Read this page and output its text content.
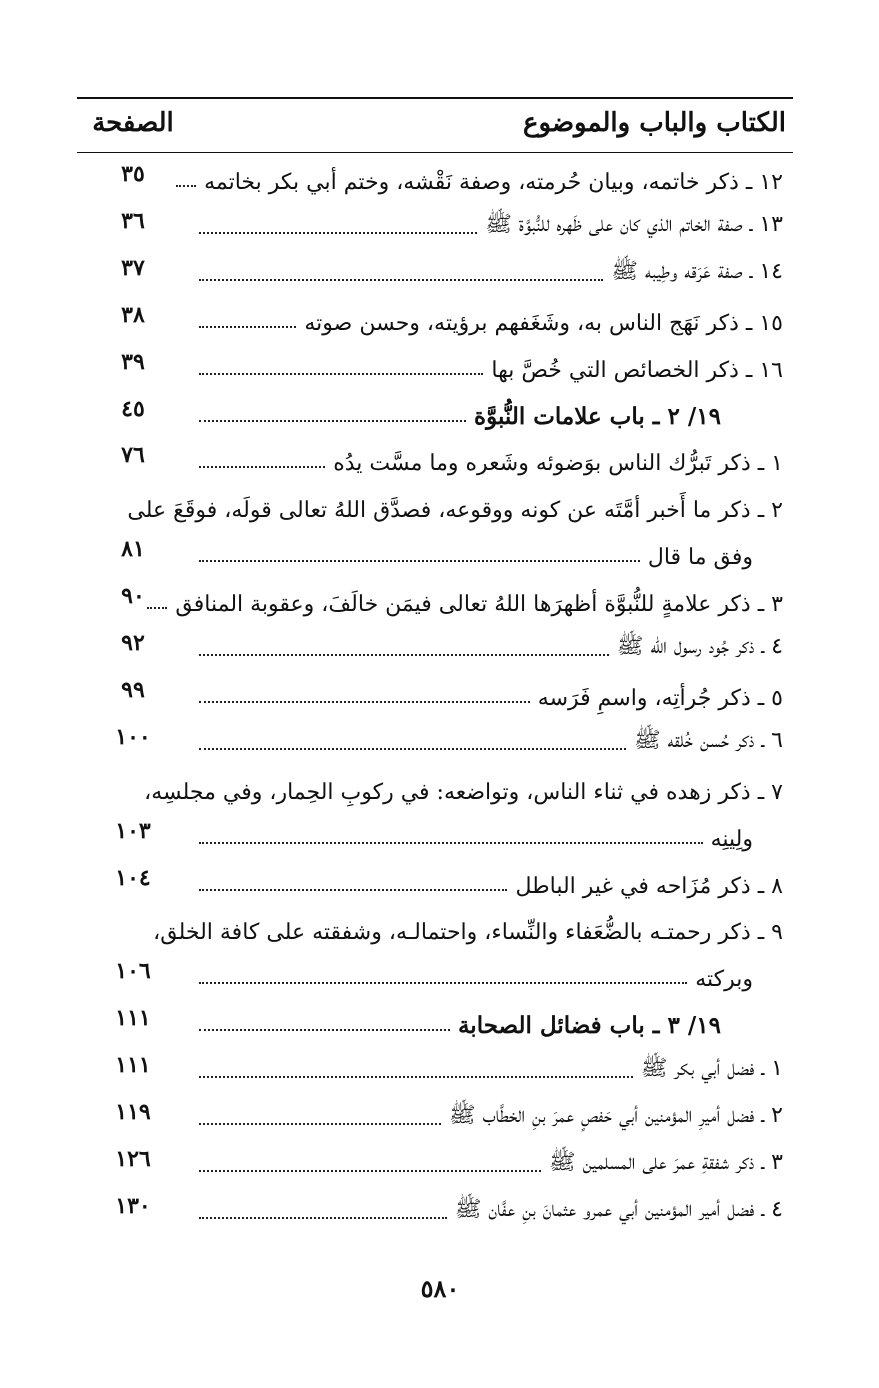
الكتاب والباب والموضوع
الصفحة
١٢ ـ ذكر خاتمه، وبيان حُرمته، وصفة نَقْشه، وختم أبي بكر بخاتمه
٣٥
١٣ ـ صفة الخاتم الذي كان على ظَهره للنُّبوَّة ﷺ
٣٦
١٤ ـ صفة عَرَقه وطِيبه ﷺ
٣٧
١٥ ـ ذكر نَهَج الناس به، وشَغَفهم برؤيته، وحسن صوته
٣٨
١٦ ـ ذكر الخصائص التي خُصَّ بها
٣٩
١٩/ ٢ ـ باب علامات النُّبوَّة
٤٥
١ ـ ذكر تَبرُّك الناس بوَضوئه وشَعره وما مسَّت يدُه
٧٦
٢ ـ ذكر ما أَخبر أمَّتَه عن كونه ووقوعه، فصدَّق اللهُ تعالى قولَه، فوقَعَ على
وفق ما قال
٨١
٣ ـ ذكر علامةٍ للنُّبوَّة أظهرَها اللهُ تعالى فيمَن خالَفَ، وعقوبة المنافق
٩٠
٤ ـ ذكر جُود رسول الله ﷺ
٩٢
٥ ـ ذكر جُرأتِه، واسمِ فَرَسه
٩٩
٦ ـ ذكر حُسن خُلقه ﷺ
١٠٠
٧ ـ ذكر زهده في ثناء الناس، وتواضعه: في ركوبِ الحِمار، وفي مجلسِه،
ولِينِه
١٠٣
٨ ـ ذكر مُزَاحه في غير الباطل
١٠٤
٩ ـ ذكر رحمتـه بالضُّعَفاء والنِّساء، واحتمالـه، وشفقته على كافة الخلق،
وبركته
١٠٦
١٩/ ٣ ـ باب فضائل الصحابة
١١١
١ ـ فضل أبي بكر ﷺ
١١١
٢ ـ فضل أميرِ المؤمنين أبي حَفصٍ عمرَ بنِ الخطَّاب ﷺ
١١٩
٣ ـ ذكر شفقةِ عمرَ على المسلمين ﷺ
١٢٦
٤ ـ فضل أمير المؤمنين أبي عمرو عثمانَ بنِ عفَّان ﷺ
١٣٠
٥٨٠
